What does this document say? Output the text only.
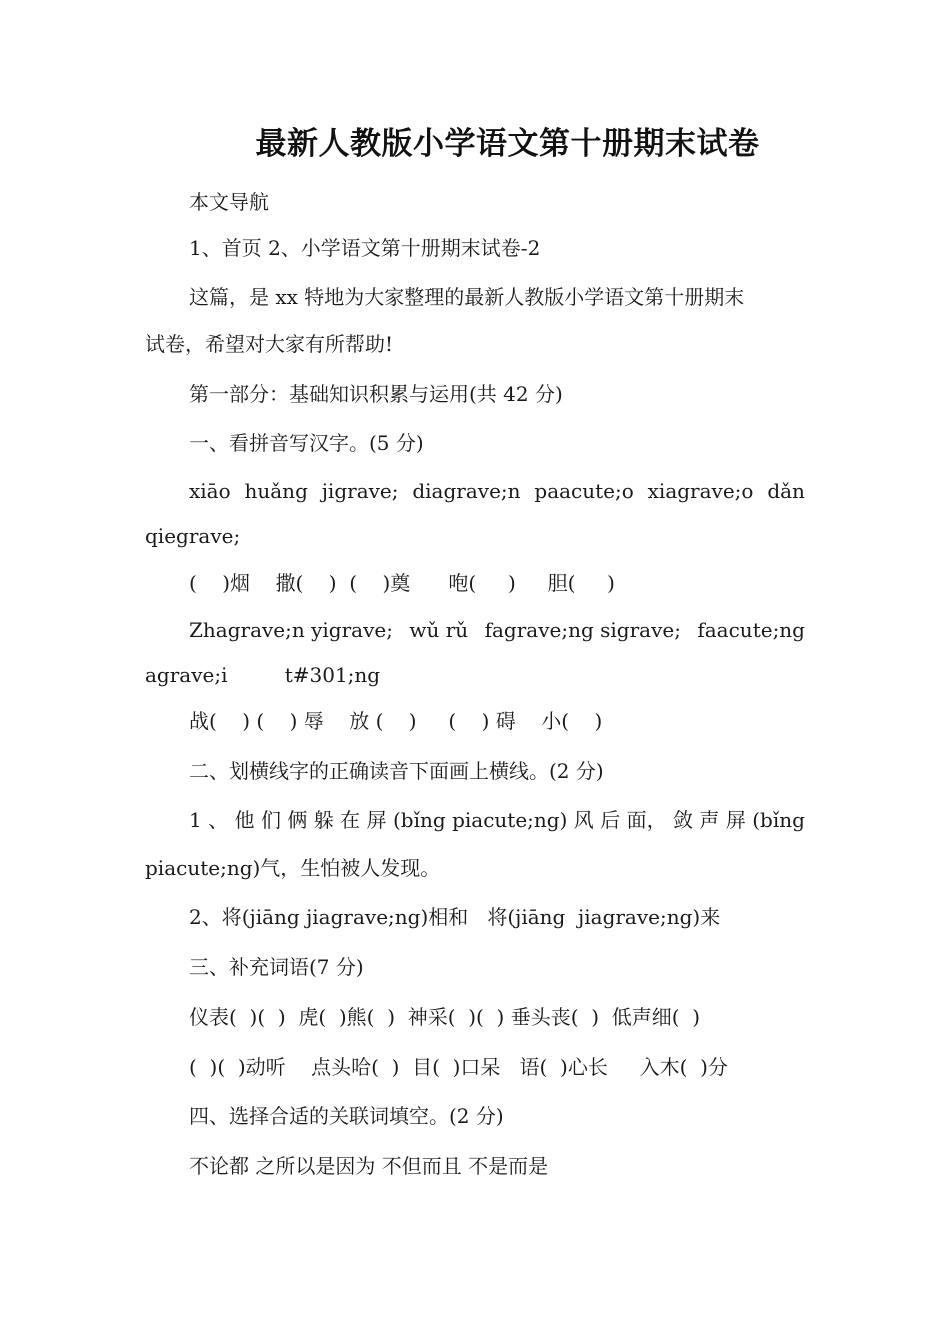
最新人教版小学语文第十册期末试卷
本文导航
1、首页 2、小学语文第十册期末试卷-2
这篇，是 xx 特地为大家整理的最新人教版小学语文第十册期末
试卷，希望对大家有所帮助!
第一部分：基础知识积累与运用(共 42 分)
一、看拼音写汉字。(5 分)
xiāo huǎng jigrave; diagrave;n paacute;o xiagrave;o dǎn
qiegrave;
(    )烟    撒(    )  (    )奠      咆(     )     胆(     )
Zhagrave;n yigrave; wǔ rǔ fagrave;ng sigrave; faacute;ng
agrave;i         t#301;ng
战(    ) (    ) 辱    放 (    )     (    ) 碍    小(    )
二、划横线字的正确读音下面画上横线。(2 分)
1 、 他 们 俩 躲 在 屏 (bǐng piacute;ng) 风 后 面， 敛 声 屏 (bǐng
piacute;ng)气，生怕被人发现。
2、将(jiāng jiagrave;ng)相和   将(jiāng  jiagrave;ng)来
三、补充词语(7 分)
仪表(  )(  )  虎(  )熊(  )  神采(  )(  ) 垂头丧(  )  低声细(  )
(  )(  )动听    点头哈(  )  目(  )口呆   语(  )心长     入木(  )分
四、选择合适的关联词填空。(2 分)
不论都 之所以是因为 不但而且 不是而是
